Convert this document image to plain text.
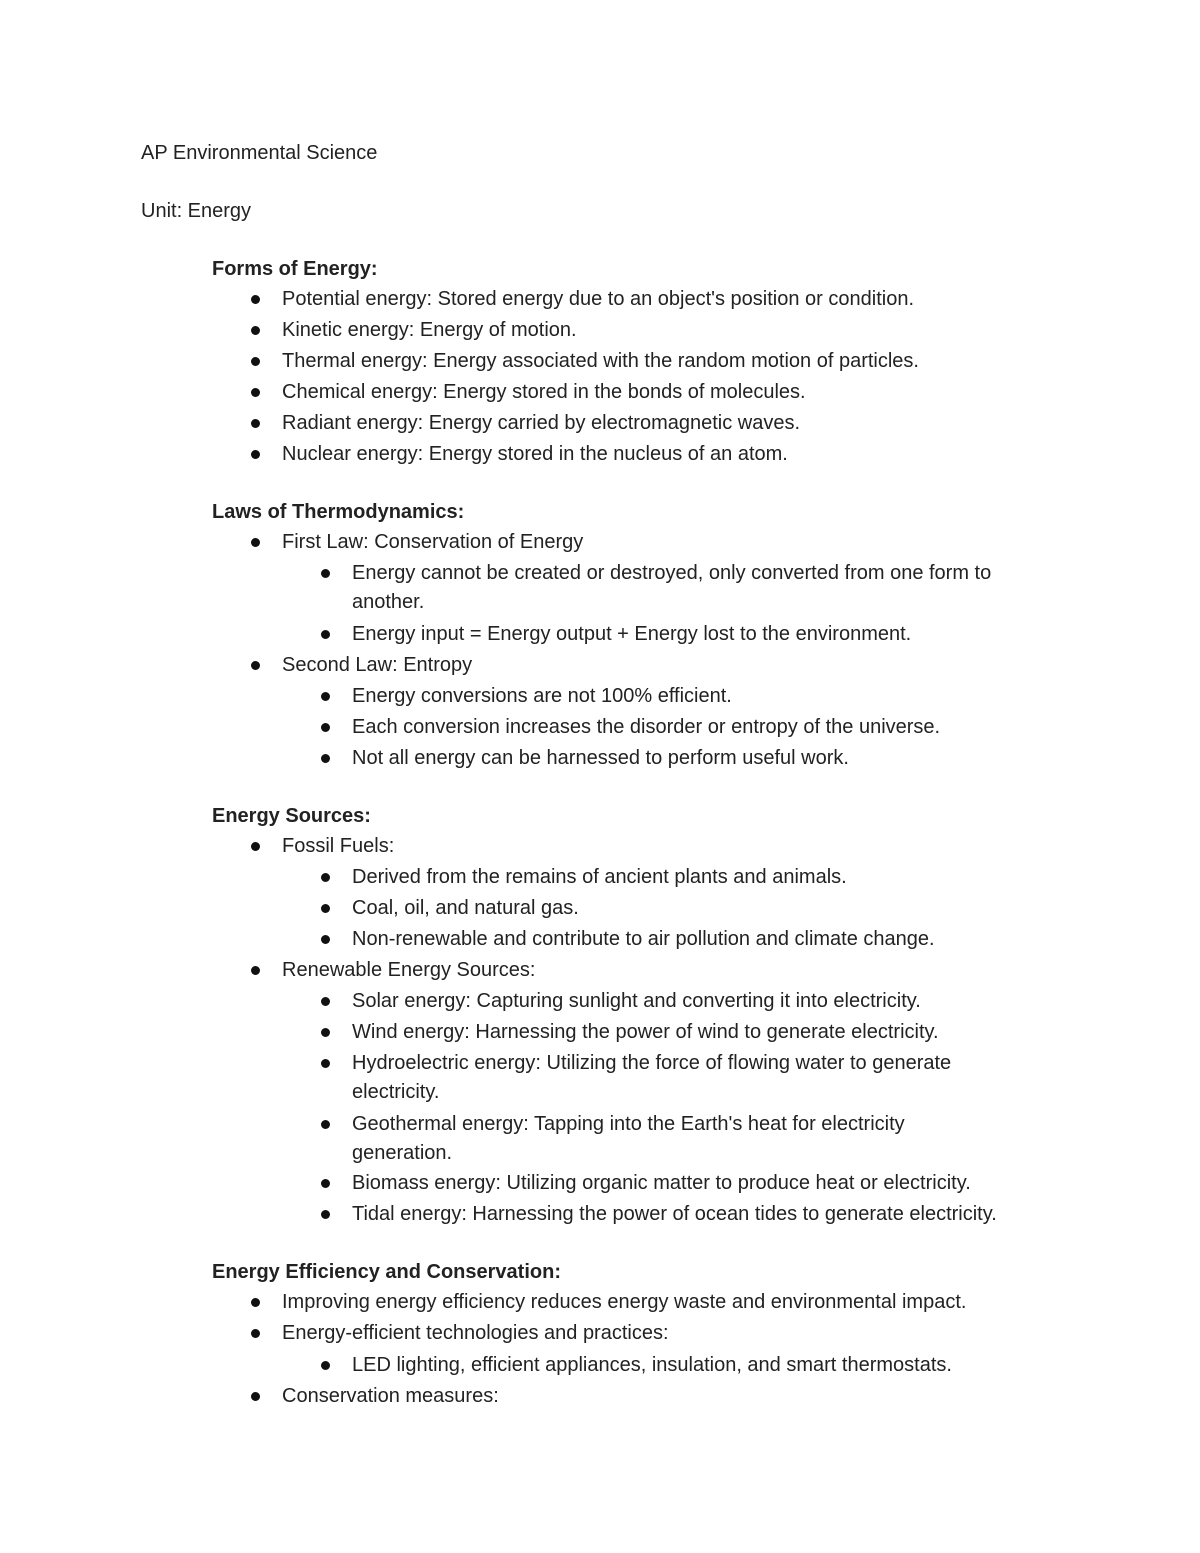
AP Environmental Science
Unit: Energy
Forms of Energy:
Potential energy: Stored energy due to an object's position or condition.
Kinetic energy: Energy of motion.
Thermal energy: Energy associated with the random motion of particles.
Chemical energy: Energy stored in the bonds of molecules.
Radiant energy: Energy carried by electromagnetic waves.
Nuclear energy: Energy stored in the nucleus of an atom.
Laws of Thermodynamics:
First Law: Conservation of Energy
Energy cannot be created or destroyed, only converted from one form to
another.
Energy input = Energy output + Energy lost to the environment.
Second Law: Entropy
Energy conversions are not 100% efficient.
Each conversion increases the disorder or entropy of the universe.
Not all energy can be harnessed to perform useful work.
Energy Sources:
Fossil Fuels:
Derived from the remains of ancient plants and animals.
Coal, oil, and natural gas.
Non-renewable and contribute to air pollution and climate change.
Renewable Energy Sources:
Solar energy: Capturing sunlight and converting it into electricity.
Wind energy: Harnessing the power of wind to generate electricity.
Hydroelectric energy: Utilizing the force of flowing water to generate
electricity.
Geothermal energy: Tapping into the Earth's heat for electricity
generation.
Biomass energy: Utilizing organic matter to produce heat or electricity.
Tidal energy: Harnessing the power of ocean tides to generate electricity.
Energy Efficiency and Conservation:
Improving energy efficiency reduces energy waste and environmental impact.
Energy-efficient technologies and practices:
LED lighting, efficient appliances, insulation, and smart thermostats.
Conservation measures:
